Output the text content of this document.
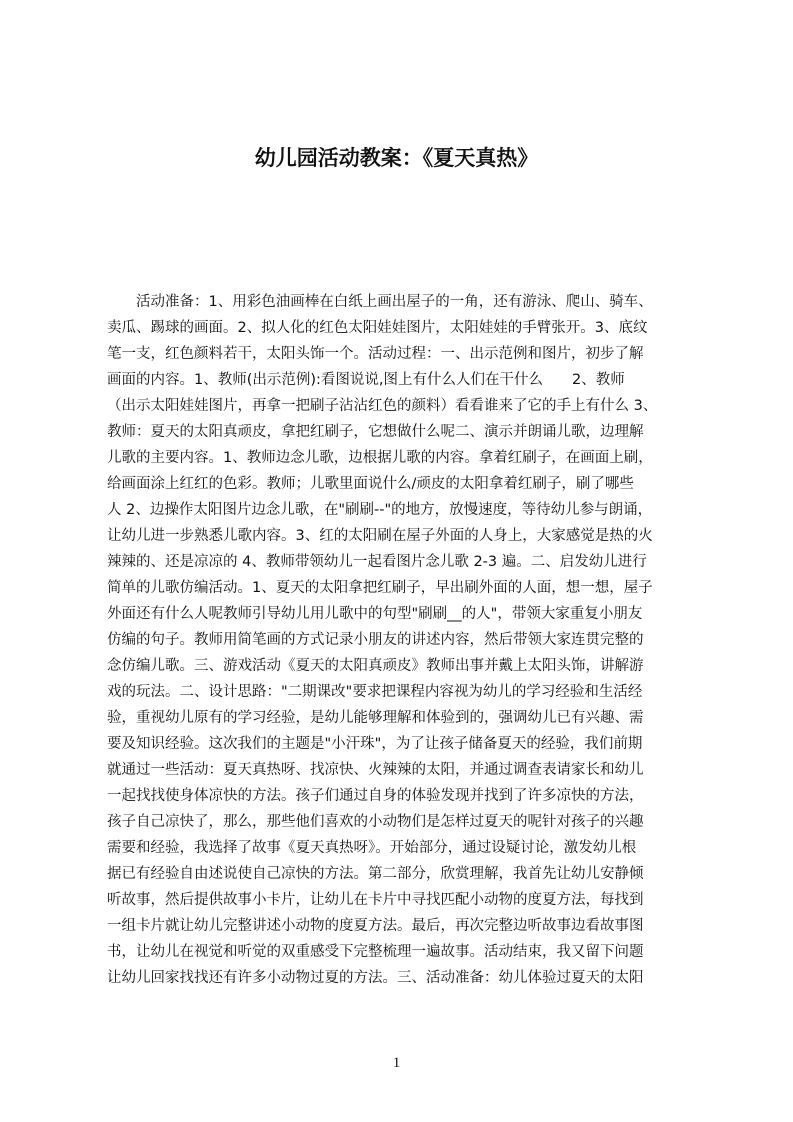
幼儿园活动教案：《夏天真热》
　　活动准备：1、用彩色油画棒在白纸上画出屋子的一角，还有游泳、爬山、骑车、
卖瓜、踢球的画面。2、拟人化的红色太阳娃娃图片，太阳娃娃的手臂张开。3、底纹
笔一支，红色颜料若干，太阳头饰一个。活动过程：一、出示范例和图片，初步了解
画面的内容。1、教师(出示范例):看图说说,图上有什么人们在干什么　　2、教师
（出示太阳娃娃图片，再拿一把刷子沾沾红色的颜料）看看谁来了它的手上有什么 3、
教师：夏天的太阳真顽皮，拿把红刷子，它想做什么呢二、演示并朗诵儿歌，边理解
儿歌的主要内容。1、教师边念儿歌，边根据儿歌的内容。拿着红刷子，在画面上刷，
给画面涂上红红的色彩。教师；儿歌里面说什么/顽皮的太阳拿着红刷子，刷了哪些
人 2、边操作太阳图片边念儿歌，在"刷刷--"的地方，放慢速度，等待幼儿参与朗诵，
让幼儿进一步熟悉儿歌内容。3、红的太阳刷在屋子外面的人身上，大家感觉是热的火
辣辣的、还是凉凉的 4、教师带领幼儿一起看图片念儿歌 2-3 遍。二、启发幼儿进行
简单的儿歌仿编活动。1、夏天的太阳拿把红刷子，早出刷外面的人面，想一想，屋子
外面还有什么人呢教师引导幼儿用儿歌中的句型"刷刷__的人"，带领大家重复小朋友
仿编的句子。教师用简笔画的方式记录小朋友的讲述内容，然后带领大家连贯完整的
念仿编儿歌。三、游戏活动《夏天的太阳真顽皮》教师出事并戴上太阳头饰，讲解游
戏的玩法。二、设计思路："二期课改"要求把课程内容视为幼儿的学习经验和生活经
验，重视幼儿原有的学习经验，是幼儿能够理解和体验到的，强调幼儿已有兴趣、需
要及知识经验。这次我们的主题是"小汗珠"，为了让孩子储备夏天的经验，我们前期
就通过一些活动：夏天真热呀、找凉快、火辣辣的太阳，并通过调查表请家长和幼儿
一起找找使身体凉快的方法。孩子们通过自身的体验发现并找到了许多凉快的方法，
孩子自己凉快了，那么，那些他们喜欢的小动物们是怎样过夏天的呢针对孩子的兴趣
需要和经验，我选择了故事《夏天真热呀》。开始部分，通过设疑讨论，激发幼儿根
据已有经验自由述说使自己凉快的方法。第二部分，欣赏理解，我首先让幼儿安静倾
听故事，然后提供故事小卡片，让幼儿在卡片中寻找匹配小动物的度夏方法，每找到
一组卡片就让幼儿完整讲述小动物的度夏方法。最后，再次完整边听故事边看故事图
书，让幼儿在视觉和听觉的双重感受下完整梳理一遍故事。活动结束，我又留下问题
让幼儿回家找找还有许多小动物过夏的方法。三、活动准备：幼儿体验过夏天的太阳
1
